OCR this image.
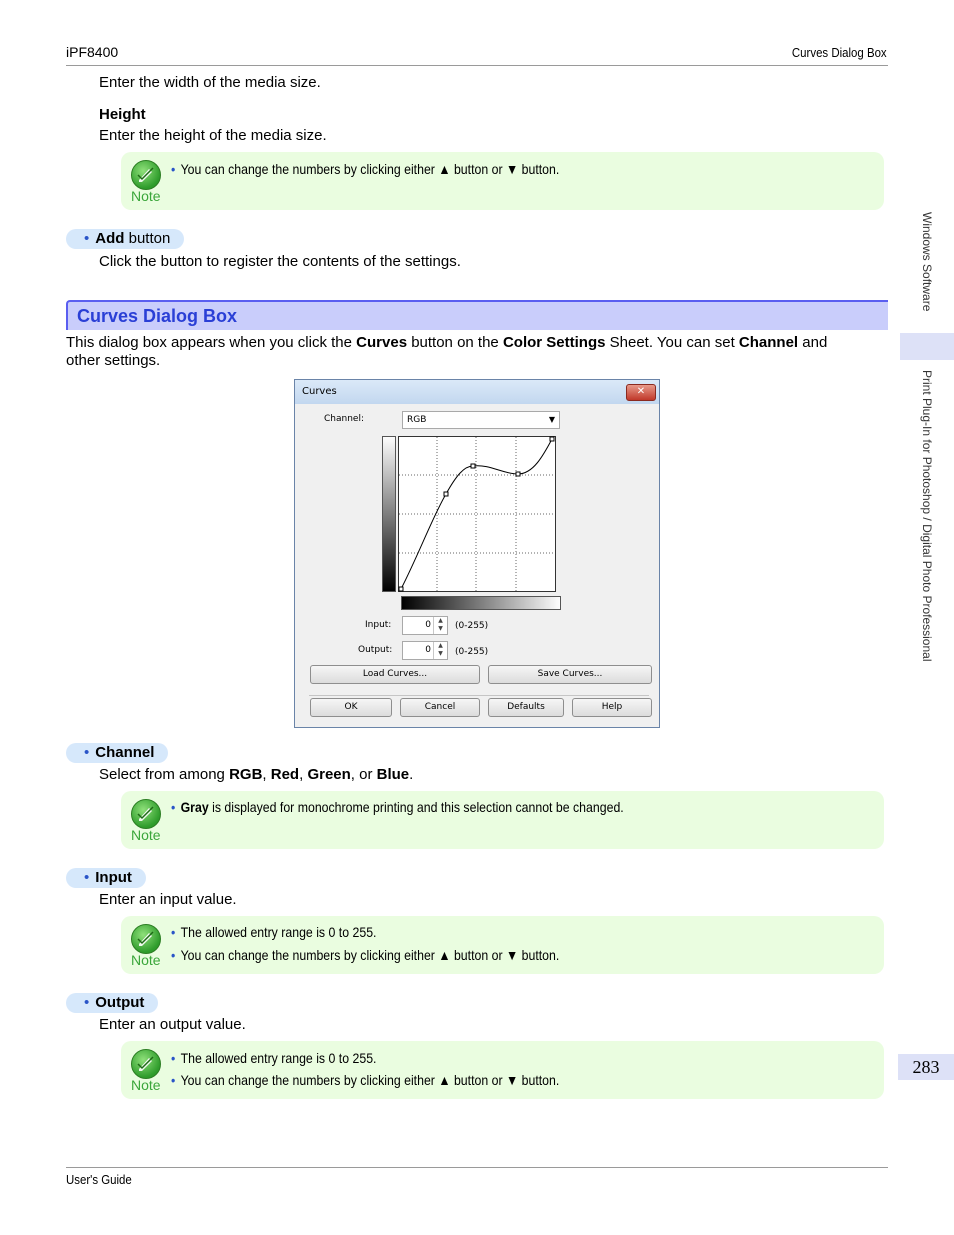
iPF8400	Curves Dialog Box
Enter the width of the media size.
Height
Enter the height of the media size.
Note
• You can change the numbers by clicking either ▲ button or ▼ button.
• Add button
Click the button to register the contents of the settings.
Curves Dialog Box
This dialog box appears when you click the Curves button on the Color Settings Sheet. You can set Channel and
other settings.
Curves	✕
Channel:	RGB	▼
Input:	0	▲
▼	(0-255)
Output:	0	▲
▼	(0-255)
Load Curves...	Save Curves...
OK	Cancel	Defaults	Help
• Channel
Select from among RGB, Red, Green, or Blue.
Note
• Gray is displayed for monochrome printing and this selection cannot be changed.
• Input
Enter an input value.
Note
• The allowed entry range is 0 to 255.
• You can change the numbers by clicking either ▲ button or ▼ button.
• Output
Enter an output value.
Note
• The allowed entry range is 0 to 255.
• You can change the numbers by clicking either ▲ button or ▼ button.
Windows Software
Print Plug-In for Photoshop / Digital Photo Professional
283
User's Guide
